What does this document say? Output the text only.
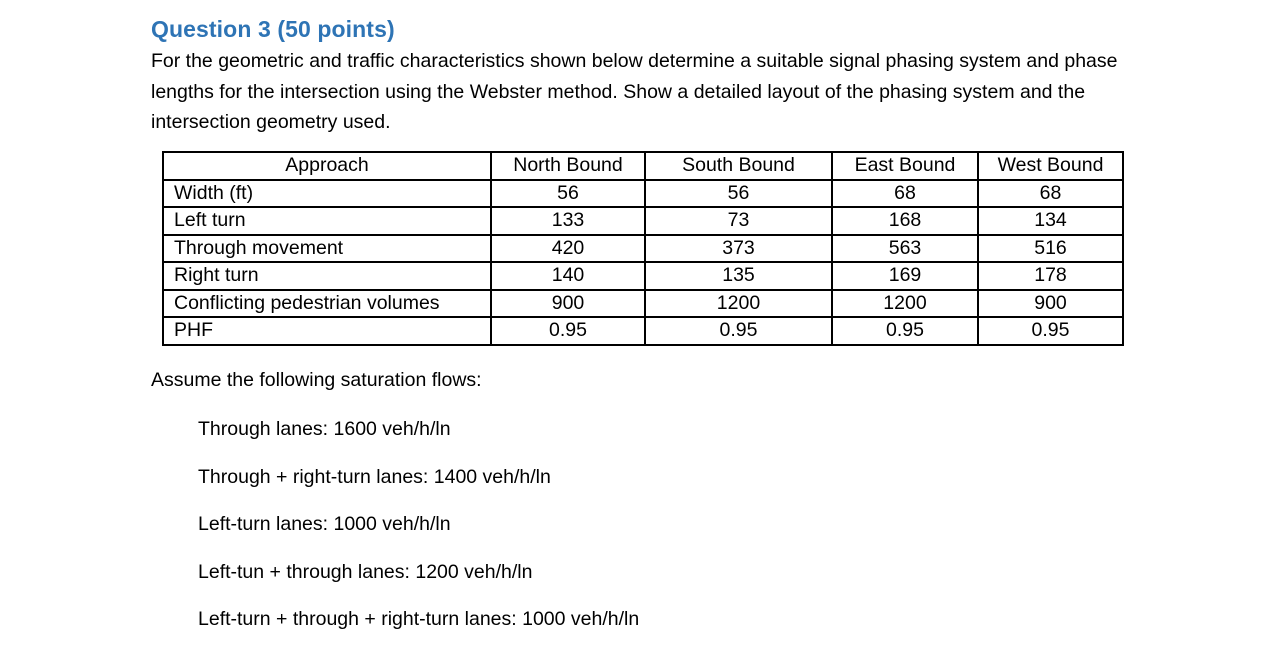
Question 3 (50 points)

For the geometric and traffic characteristics shown below determine a suitable signal phasing system and phase lengths for the intersection using the Webster method. Show a detailed layout of the phasing system and the intersection geometry used.

Approach	North Bound	South Bound	East Bound	West Bound
Width (ft)	56	56	68	68
Left turn	133	73	168	134
Through movement	420	373	563	516
Right turn	140	135	169	178
Conflicting pedestrian volumes	900	1200	1200	900
PHF	0.95	0.95	0.95	0.95

Assume the following saturation flows:

Through lanes: 1600 veh/h/ln
Through + right-turn lanes: 1400 veh/h/ln
Left-turn lanes: 1000 veh/h/ln
Left-tun + through lanes: 1200 veh/h/ln
Left-turn + through + right-turn lanes: 1000 veh/h/ln
